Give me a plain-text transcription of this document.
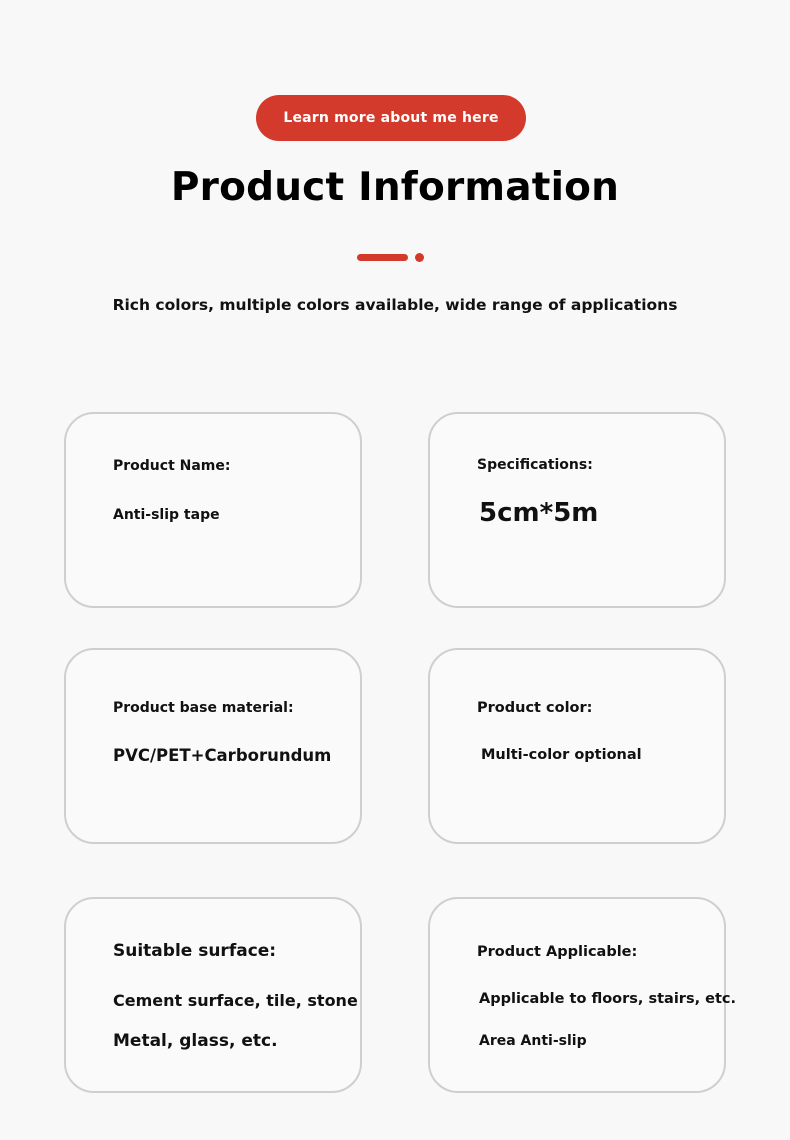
Learn more about me here
Product Information
Rich colors, multiple colors available, wide range of applications
Product Name:
Anti-slip tape
Specifications:
5cm*5m
Product base material:
PVC/PET+Carborundum
Product color:
Multi-color optional
Suitable surface:
Cement surface, tile, stone
Metal, glass, etc.
Product Applicable:
Applicable to floors, stairs, etc.
Area Anti-slip
